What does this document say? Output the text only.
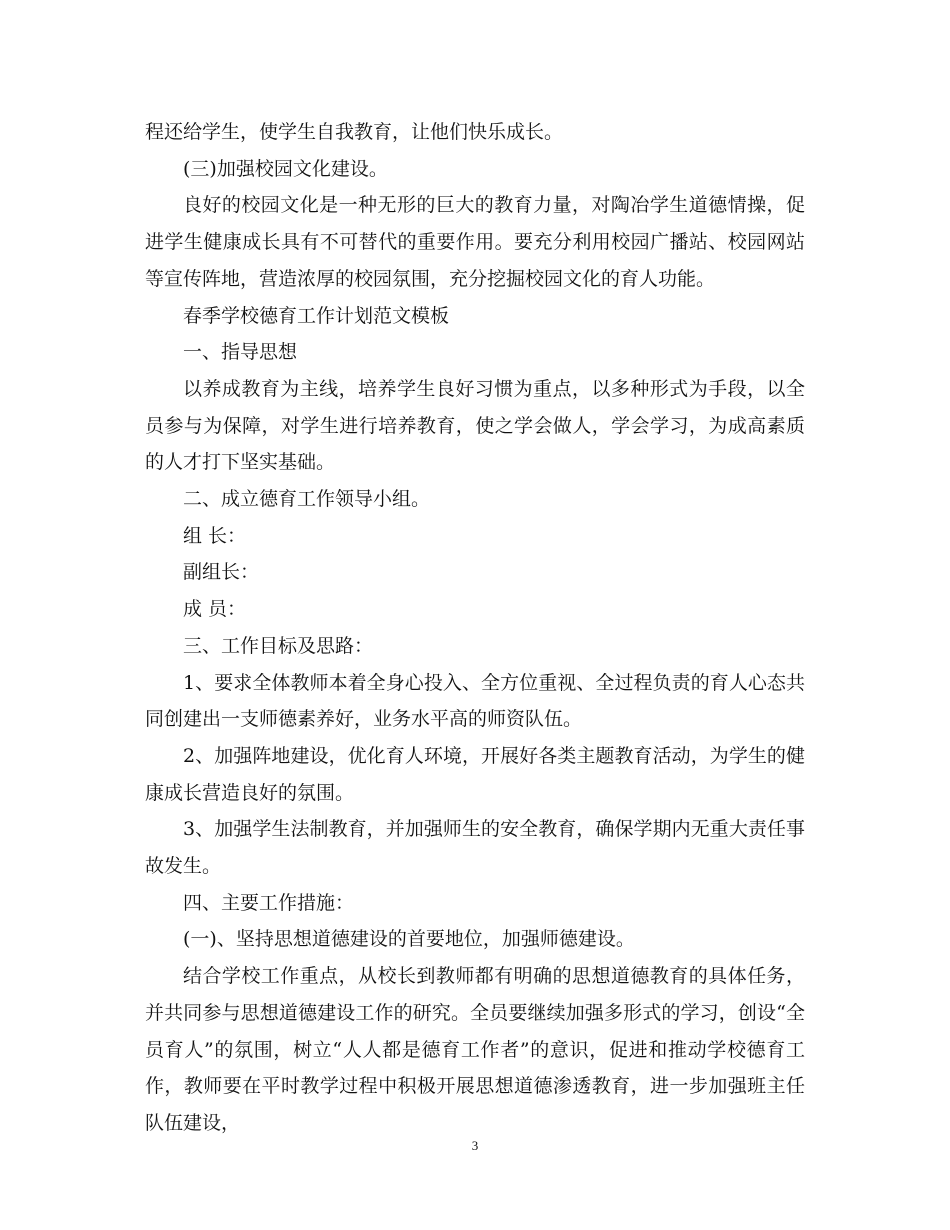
程还给学生，使学生自我教育，让他们快乐成长。

(三)加强校园文化建设。

良好的校园文化是一种无形的巨大的教育力量，对陶冶学生道德情操，促进学生健康成长具有不可替代的重要作用。要充分利用校园广播站、校园网站等宣传阵地，营造浓厚的校园氛围，充分挖掘校园文化的育人功能。

春季学校德育工作计划范文模板

一、指导思想

以养成教育为主线，培养学生良好习惯为重点，以多种形式为手段，以全员参与为保障，对学生进行培养教育，使之学会做人，学会学习，为成高素质的人才打下坚实基础。

二、成立德育工作领导小组。

组 长：

副组长：

成 员：

三、工作目标及思路：

1、要求全体教师本着全身心投入、全方位重视、全过程负责的育人心态共同创建出一支师德素养好，业务水平高的师资队伍。

2、加强阵地建设，优化育人环境，开展好各类主题教育活动，为学生的健康成长营造良好的氛围。

3、加强学生法制教育，并加强师生的安全教育，确保学期内无重大责任事故发生。

四、主要工作措施：

(一)、坚持思想道德建设的首要地位，加强师德建设。

结合学校工作重点，从校长到教师都有明确的思想道德教育的具体任务，并共同参与思想道德建设工作的研究。全员要继续加强多形式的学习，创设“全员育人”的氛围，树立“人人都是德育工作者”的意识，促进和推动学校德育工作，教师要在平时教学过程中积极开展思想道德渗透教育，进一步加强班主任队伍建设，

3
